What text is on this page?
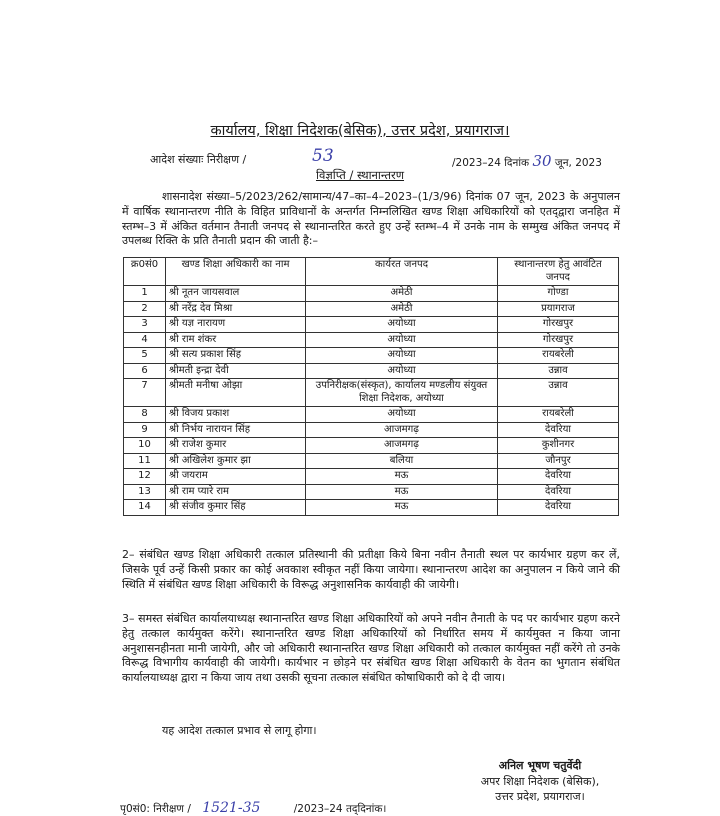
कार्यालय, शिक्षा निदेशक(बेसिक), उत्तर प्रदेश, प्रयागराज।
आदेश संख्याः निरीक्षण /	53	/2023–24 दिनांक 30 जून, 2023
विज्ञप्ति / स्थानान्तरण
शासनादेश संख्या–5/2023/262/सामान्य/47–का–4–2023–(1/3/96) दिनांक 07 जून, 2023 के अनुपालन में वार्षिक स्थानान्तरण नीति के विहित प्राविधानों के अन्तर्गत निम्नलिखित खण्ड शिक्षा अधिकारियों को एतद्‌द्वारा जनहित में स्तम्भ–3 में अंकित वर्तमान तैनाती जनपद से स्थानान्तरित करते हुए उन्हें स्तम्भ–4 में उनके नाम के सम्मुख अंकित जनपद में उपलब्ध रिक्ति के प्रति तैनाती प्रदान की जाती है:–
क्र0सं0	खण्ड शिक्षा अधिकारी का नाम	कार्यरत जनपद	स्थानान्तरण हेतु आवंटित जनपद
1	श्री नूतन जायसवाल	अमेठी	गोण्डा
2	श्री नरेंद्र देव मिश्रा	अमेठी	प्रयागराज
3	श्री यज्ञ नारायण	अयोध्या	गोरखपुर
4	श्री राम शंकर	अयोध्या	गोरखपुर
5	श्री सत्य प्रकाश सिंह	अयोध्या	रायबरेली
6	श्रीमती इन्द्रा देवी	अयोध्या	उन्नाव
7	श्रीमती मनीषा ओझा	उपनिरीक्षक(संस्कृत), कार्यालय मण्डलीय संयुक्त शिक्षा निदेशक, अयोध्या	उन्नाव
8	श्री विजय प्रकाश	अयोध्या	रायबरेली
9	श्री निर्भय नारायन सिंह	आजमगढ़	देवरिया
10	श्री राजेश कुमार	आजमगढ़	कुशीनगर
11	श्री अखिलेश कुमार झा	बलिया	जौनपुर
12	श्री जयराम	मऊ	देवरिया
13	श्री राम प्यारे राम	मऊ	देवरिया
14	श्री संजीव कुमार सिंह	मऊ	देवरिया
2– संबंधित खण्ड शिक्षा अधिकारी तत्काल प्रतिस्थानी की प्रतीक्षा किये बिना नवीन तैनाती स्थल पर कार्यभार ग्रहण कर लें, जिसके पूर्व उन्हें किसी प्रकार का कोई अवकाश स्वीकृत नहीं किया जायेगा। स्थानान्तरण आदेश का अनुपालन न किये जाने की स्थिति में संबंधित खण्ड शिक्षा अधिकारी के विरूद्ध अनुशासनिक कार्यवाही की जायेगी।
3– समस्त संबंधित कार्यालयाध्यक्ष स्थानान्तरित खण्ड शिक्षा अधिकारियों को अपने नवीन तैनाती के पद पर कार्यभार ग्रहण करने हेतु तत्काल कार्यमुक्त करेंगे। स्थानान्तरित खण्ड शिक्षा अधिकारियों को निर्धारित समय में कार्यमुक्त न किया जाना अनुशासनहीनता मानी जायेगी, और जो अधिकारी स्थानान्तरित खण्ड शिक्षा अधिकारी को तत्काल कार्यमुक्त नहीं करेंगे तो उनके विरूद्ध विभागीय कार्यवाही की जायेगी। कार्यभार न छोड़ने पर संबंधित खण्ड शिक्षा अधिकारी के वेतन का भुगतान संबंधित कार्यालयाध्यक्ष द्वारा न किया जाय तथा उसकी सूचना तत्काल संबंधित कोषाधिकारी को दे दी जाय।
यह आदेश तत्काल प्रभाव से लागू होगा।
अनिल भूषण चतुर्वेदी
अपर शिक्षा निदेशक (बेसिक),
उत्तर प्रदेश, प्रयागराज।
पृ0सं0: निरीक्षण / 1521-35	/2023–24 तद्‌दिनांक।
